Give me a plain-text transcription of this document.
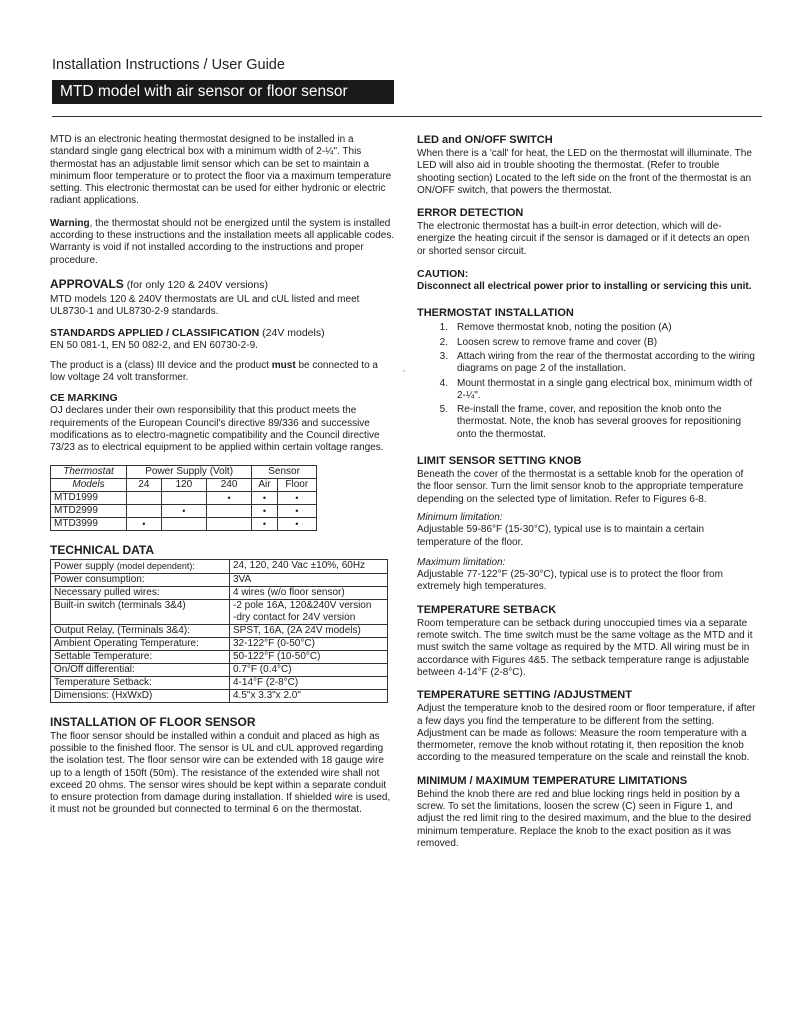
Installation Instructions / User Guide
MTD model with air sensor or floor sensor
,

MTD is an electronic heating thermostat designed to be installed in a standard single gang electrical box with a minimum width of 2-¼". This thermostat has an adjustable limit sensor which can be set to maintain a minimum floor temperature or to protect the floor via a maximum temperature setting. This electronic thermostat can be used for either hydronic or electric radiant applications.

Warning, the thermostat should not be energized until the system is installed according to these instructions and the installation meets all applicable codes. Warranty is void if not installed according to the instructions and proper procedure.

APPROVALS (for only 120 & 240V versions)

MTD models 120 & 240V thermostats are UL and cUL listed and meet UL8730-1 and UL8730-2-9 standards.

STANDARDS APPLIED / CLASSIFICATION (24V models)

EN 50 081-1, EN 50 082-2, and EN 60730-2-9.

The product is a (class) III device and the product must be connected to a low voltage 24 volt transformer.

CE MARKING

OJ declares under their own responsibility that this product meets the requirements of the European Council's directive 89/336 and successive modifications as to electro-magnetic compatibility and the Council directive 73/23 as to electrical equipment to be applied within certain voltage ranges.

Thermostat	Power Supply (Volt)			Sensor	
Models	24	120	240	Air	Floor
MTD1999			•	•	•
MTD2999		•		•	•
MTD3999	•			•	•
TECHNICAL DATA
Power supply (model dependent):	24, 120, 240 Vac ±10%, 60Hz
Power consumption:	3VA
Necessary pulled wires:	4 wires (w/o floor sensor)
Built-in switch (terminals 3&4)	-2 pole 16A, 120&240V version
-dry contact for 24V version
Output Relay, (Terminals 3&4):	SPST, 16A, (2A 24V models)
Ambient Operating Temperature:	32-122°F (0-50°C)
Settable Temperature:	50-122°F (10-50°C)
On/Off differential:	0.7°F (0.4°C)
Temperature Setback:	4-14°F (2-8°C)
Dimensions: (HxWxD)	4.5"x 3.3"x 2.0"
INSTALLATION OF FLOOR SENSOR

The floor sensor should be installed within a conduit and placed as high as possible to the finished floor. The sensor is UL and cUL approved regarding the isolation test. The floor sensor wire can be extended with 18 gauge wire up to a length of 150ft (50m). The resistance of the extended wire shall not exceed 20 ohms. The sensor wires should be kept within a separate conduit to ensure protection from damage during installation. If shielded wire is used, it must not be grounded but connected to terminal 6 on the thermostat.

LED and ON/OFF SWITCH

When there is a 'call' for heat, the LED on the thermostat will illuminate. The LED will also aid in trouble shooting the thermostat. (Refer to trouble shooting section) Located to the left side on the front of the thermostat is an ON/OFF switch, that powers the thermostat.

ERROR DETECTION

The electronic thermostat has a built-in error detection, which will de-energize the heating circuit if the sensor is damaged or if it detects an open or shorted sensor circuit.

CAUTION:

Disconnect all electrical power prior to installing or servicing this unit.

THERMOSTAT INSTALLATION
1. Remove thermostat knob, noting the position (A)
2. Loosen screw to remove frame and cover (B)
3. Attach wiring from the rear of the thermostat according to the wiring diagrams on page 2 of the installation.
4. Mount thermostat in a single gang electrical box, minimum width of 2-¼".
5. Re-install the frame, cover, and reposition the knob onto the thermostat. Note, the knob has several grooves for repositioning onto the thermostat.
LIMIT SENSOR SETTING KNOB

Beneath the cover of the thermostat is a settable knob for the operation of the floor sensor. Turn the limit sensor knob to the appropriate temperature depending on the selected type of limitation. Refer to Figures 6-8.

Minimum limitation:

Adjustable 59-86°F (15-30°C), typical use is to maintain a certain temperature of the floor.

Maximum limitation:

Adjustable 77-122°F (25-30°C), typical use is to protect the floor from extremely high temperatures.

TEMPERATURE SETBACK

Room temperature can be setback during unoccupied times via a separate remote switch. The time switch must be the same voltage as the MTD and it must switch the same voltage as required by the MTD. All wiring must be in accordance with Figures 4&5. The setback temperature range is adjustable between 4-14°F (2-8°C).

TEMPERATURE SETTING /ADJUSTMENT

Adjust the temperature knob to the desired room or floor temperature, if after a few days you find the temperature to be different from the setting. Adjustment can be made as follows: Measure the room temperature with a thermometer, remove the knob without rotating it, then reposition the knob according to the measured temperature on the scale and reinstall the knob.

MINIMUM / MAXIMUM TEMPERATURE LIMITATIONS

Behind the knob there are red and blue locking rings held in position by a screw. To set the limitations, loosen the screw (C) seen in Figure 1, and adjust the red limit ring to the desired maximum, and the blue to the desired minimum temperature. Replace the knob to the exact position as it was removed.
